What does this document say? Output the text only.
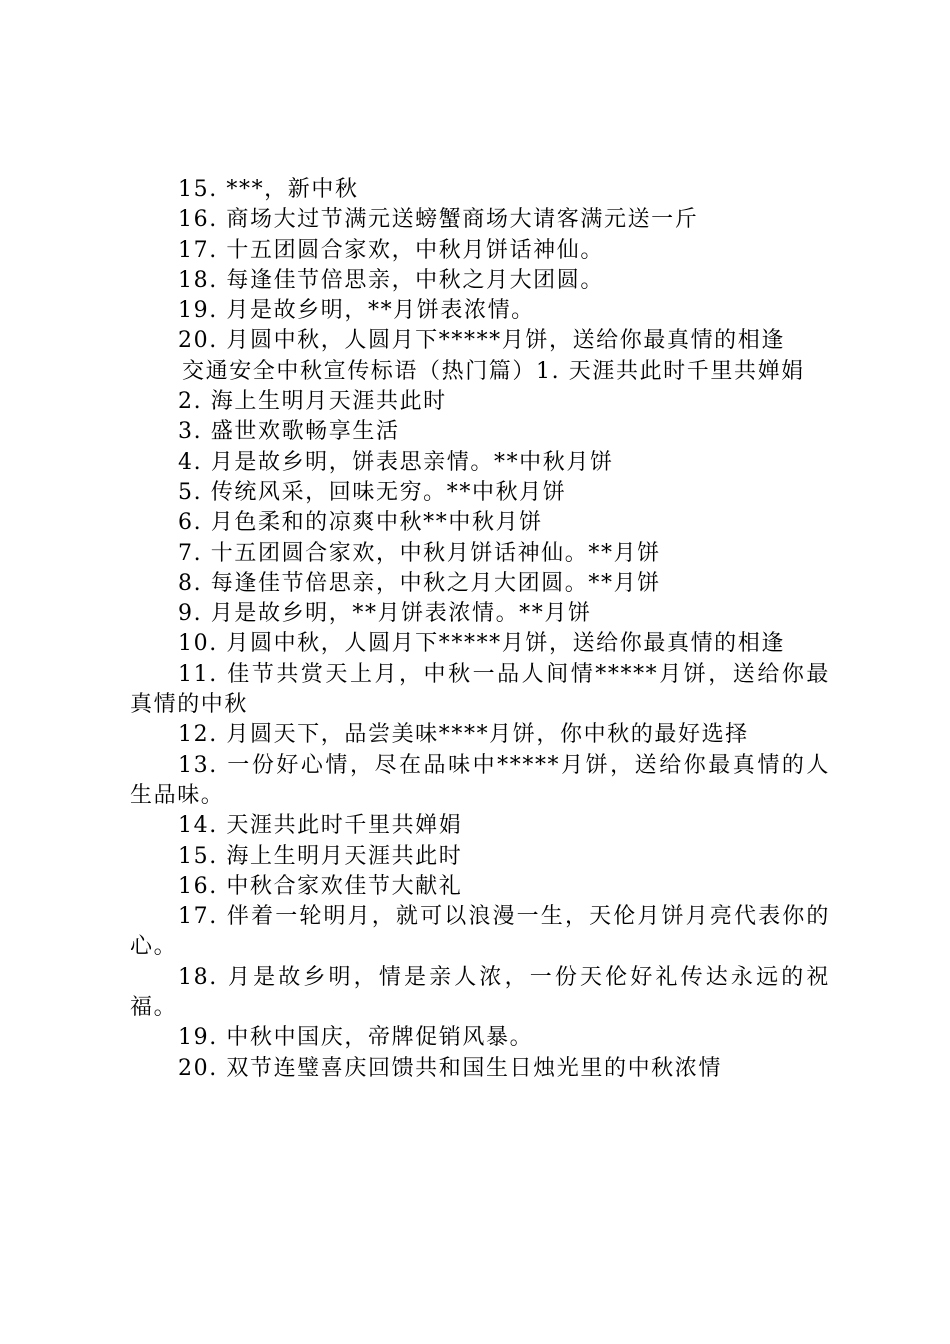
15. ***，新中秋

16. 商场大过节满元送螃蟹商场大请客满元送一斤

17. 十五团圆合家欢，中秋月饼话神仙。

18. 每逢佳节倍思亲，中秋之月大团圆。

19. 月是故乡明，**月饼表浓情。

20. 月圆中秋，人圆月下*****月饼，送给你最真情的相逢

交通安全中秋宣传标语（热门篇）1. 天涯共此时千里共婵娟

2. 海上生明月天涯共此时

3. 盛世欢歌畅享生活

4. 月是故乡明，饼表思亲情。**中秋月饼

5. 传统风采，回味无穷。**中秋月饼

6. 月色柔和的凉爽中秋**中秋月饼

7. 十五团圆合家欢，中秋月饼话神仙。**月饼

8. 每逢佳节倍思亲，中秋之月大团圆。**月饼

9. 月是故乡明，**月饼表浓情。**月饼

10. 月圆中秋，人圆月下*****月饼，送给你最真情的相逢

11. 佳节共赏天上月，中秋一品人间情*****月饼，送给你最真情的中秋

12. 月圆天下，品尝美味****月饼，你中秋的最好选择

13. 一份好心情，尽在品味中*****月饼，送给你最真情的人生品味。

14. 天涯共此时千里共婵娟

15. 海上生明月天涯共此时

16. 中秋合家欢佳节大献礼

17. 伴着一轮明月，就可以浪漫一生，天伦月饼月亮代表你的心。

18. 月是故乡明，情是亲人浓，一份天伦好礼传达永远的祝福。

19. 中秋中国庆，帝牌促销风暴。

20. 双节连璧喜庆回馈共和国生日烛光里的中秋浓情
